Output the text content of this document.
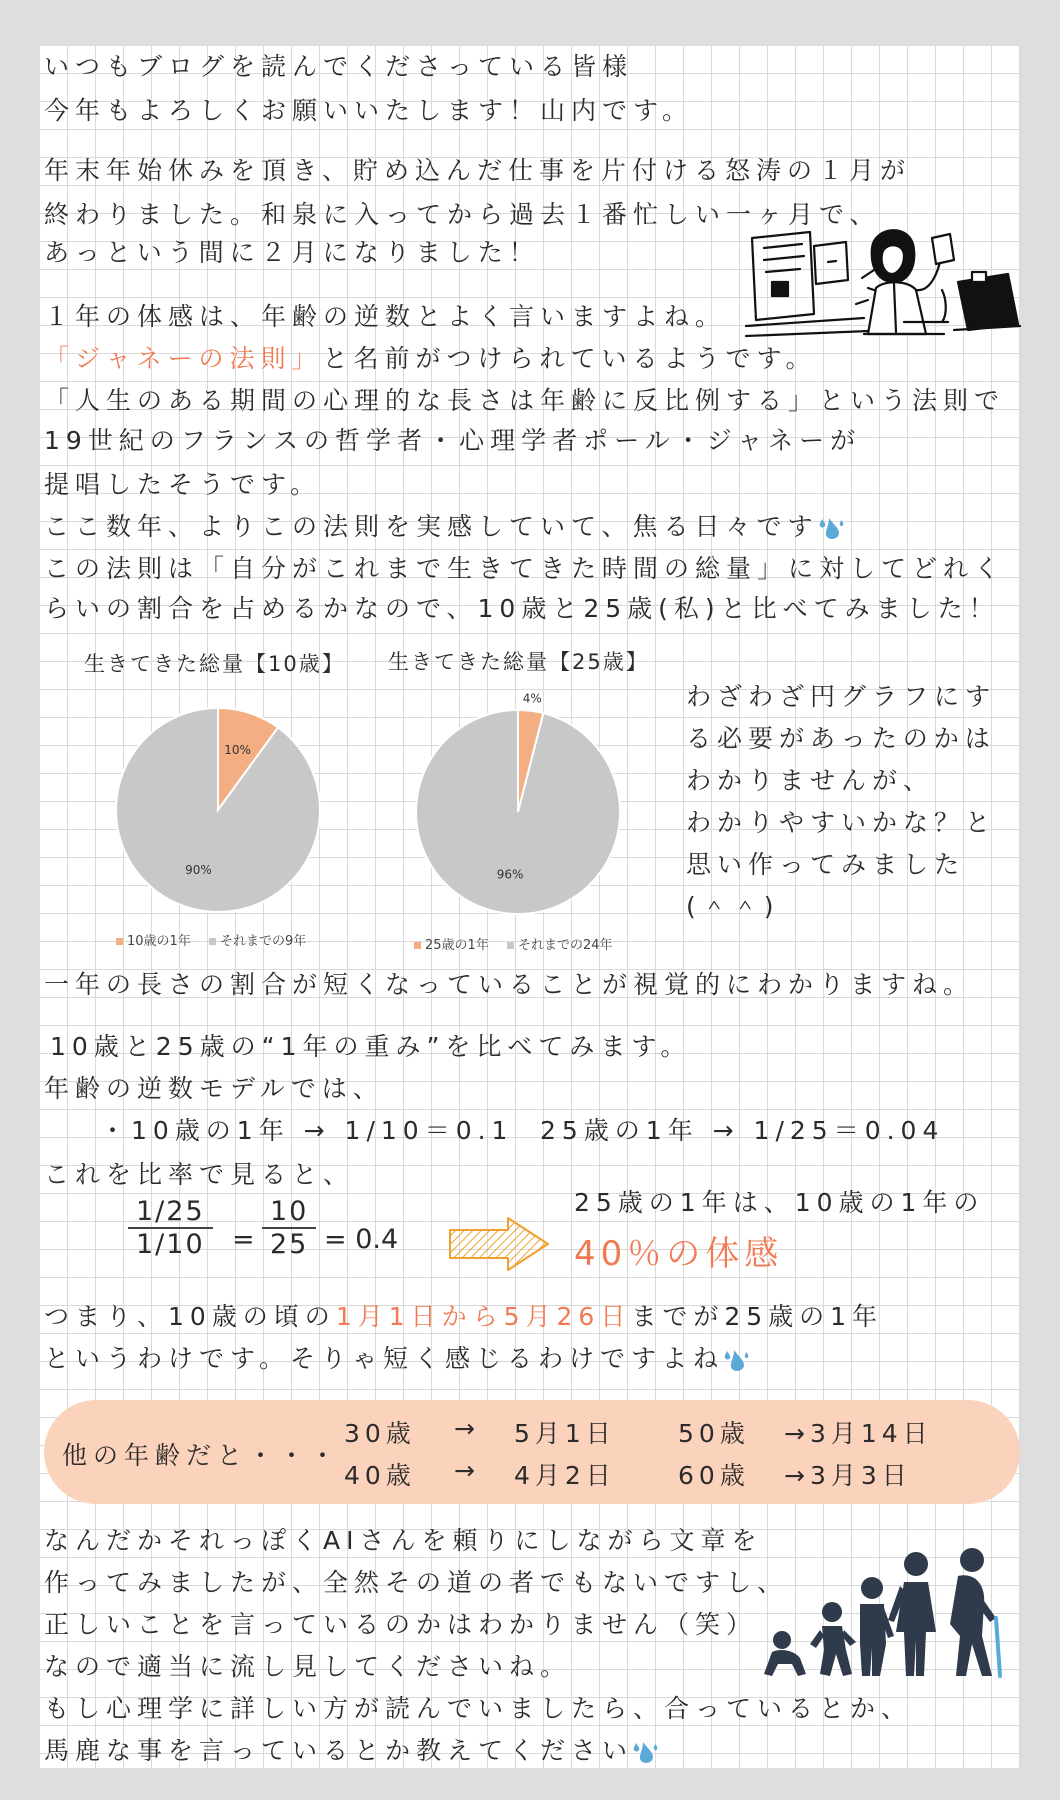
いつもブログを読んでくださっている皆様
今年もよろしくお願いいたします！山内です。
年末年始休みを頂き、貯め込んだ仕事を片付ける怒涛の１月が
終わりました。和泉に入ってから過去１番忙しい一ヶ月で、
あっという間に２月になりました！
１年の体感は、年齢の逆数とよく言いますよね。
「ジャネーの法則」と名前がつけられているようです。
「人生のある期間の心理的な長さは年齢に反比例する」という法則で
19世紀のフランスの哲学者・心理学者ポール・ジャネーが
提唱したそうです。
ここ数年、よりこの法則を実感していて、焦る日々です
この法則は「自分がこれまで生きてきた時間の総量」に対してどれく
らいの割合を占めるかなので、10歳と25歳(私)と比べてみました！
生きてきた総量【10歳】 生きてきた総量【25歳】
10%
90%
4%
96%
10歳の1年 それまでの9年	25歳の1年 それまでの24年
わざわざ円グラフにす
る必要があったのかは
わかりませんが、
わかりやすいかな？と
思い作ってみました
(＾＾)
一年の長さの割合が短くなっていることが視覚的にわかりますね。
10歳と25歳の“1年の重み”を比べてみます。
年齢の逆数モデルでは、
・10歳の1年 → 1/10＝0.1 25歳の1年 → 1/25＝0.04
これを比率で見ると、
$\frac{1/25}{1/10} = \frac{10}{25} = 0.4$
25歳の1年は、10歳の1年の
40％の体感
つまり、10歳の頃の1月1日から5月26日までが25歳の1年
というわけです。そりゃ短く感じるわけですよね
他の年齢だと・・・
30歳 → 5月1日 50歳 →3月14日
40歳 → 4月2日 60歳 →3月3日
なんだかそれっぽくAIさんを頼りにしながら文章を
作ってみましたが、全然その道の者でもないですし、
正しいことを言っているのかはわかりません（笑）
なので適当に流し見してくださいね。
もし心理学に詳しい方が読んでいましたら、合っているとか、
馬鹿な事を言っているとか教えてください
